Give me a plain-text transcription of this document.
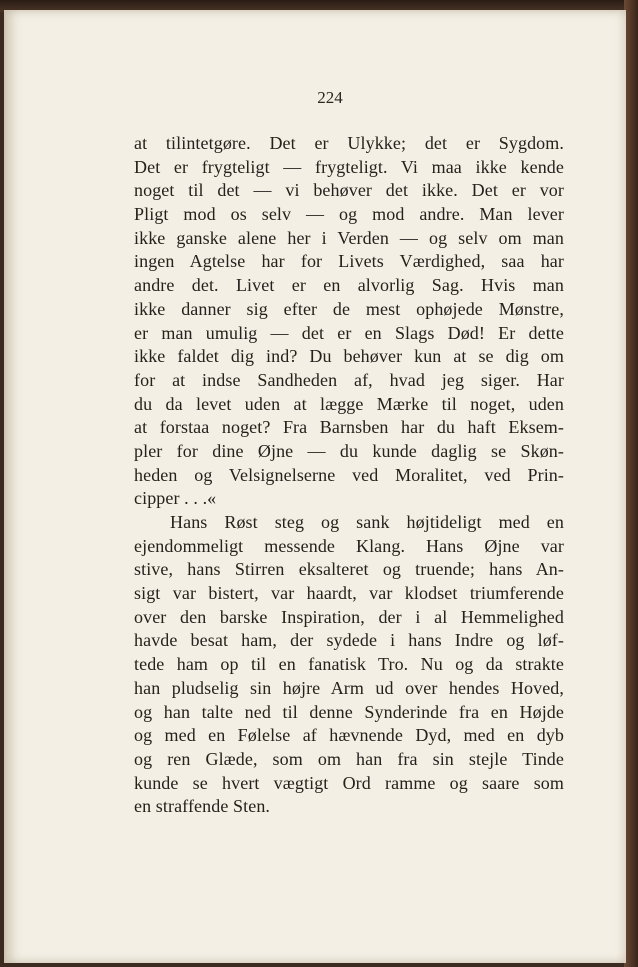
224
at tilintetgøre. Det er Ulykke; det er Sygdom.
Det er frygteligt — frygteligt. Vi maa ikke kende
noget til det — vi behøver det ikke. Det er vor
Pligt mod os selv — og mod andre. Man lever
ikke ganske alene her i Verden — og selv om man
ingen Agtelse har for Livets Værdighed, saa har
andre det. Livet er en alvorlig Sag. Hvis man
ikke danner sig efter de mest ophøjede Mønstre,
er man umulig — det er en Slags Død! Er dette
ikke faldet dig ind? Du behøver kun at se dig om
for at indse Sandheden af, hvad jeg siger. Har
du da levet uden at lægge Mærke til noget, uden
at forstaa noget? Fra Barnsben har du haft Eksem-
pler for dine Øjne — du kunde daglig se Skøn-
heden og Velsignelserne ved Moralitet, ved Prin-
cipper . . .«
Hans Røst steg og sank højtideligt med en
ejendommeligt messende Klang. Hans Øjne var
stive, hans Stirren eksalteret og truende; hans An-
sigt var bistert, var haardt, var klodset triumferende
over den barske Inspiration, der i al Hemmelighed
havde besat ham, der sydede i hans Indre og løf-
tede ham op til en fanatisk Tro. Nu og da strakte
han pludselig sin højre Arm ud over hendes Hoved,
og han talte ned til denne Synderinde fra en Højde
og med en Følelse af hævnende Dyd, med en dyb
og ren Glæde, som om han fra sin stejle Tinde
kunde se hvert vægtigt Ord ramme og saare som
en straffende Sten.
